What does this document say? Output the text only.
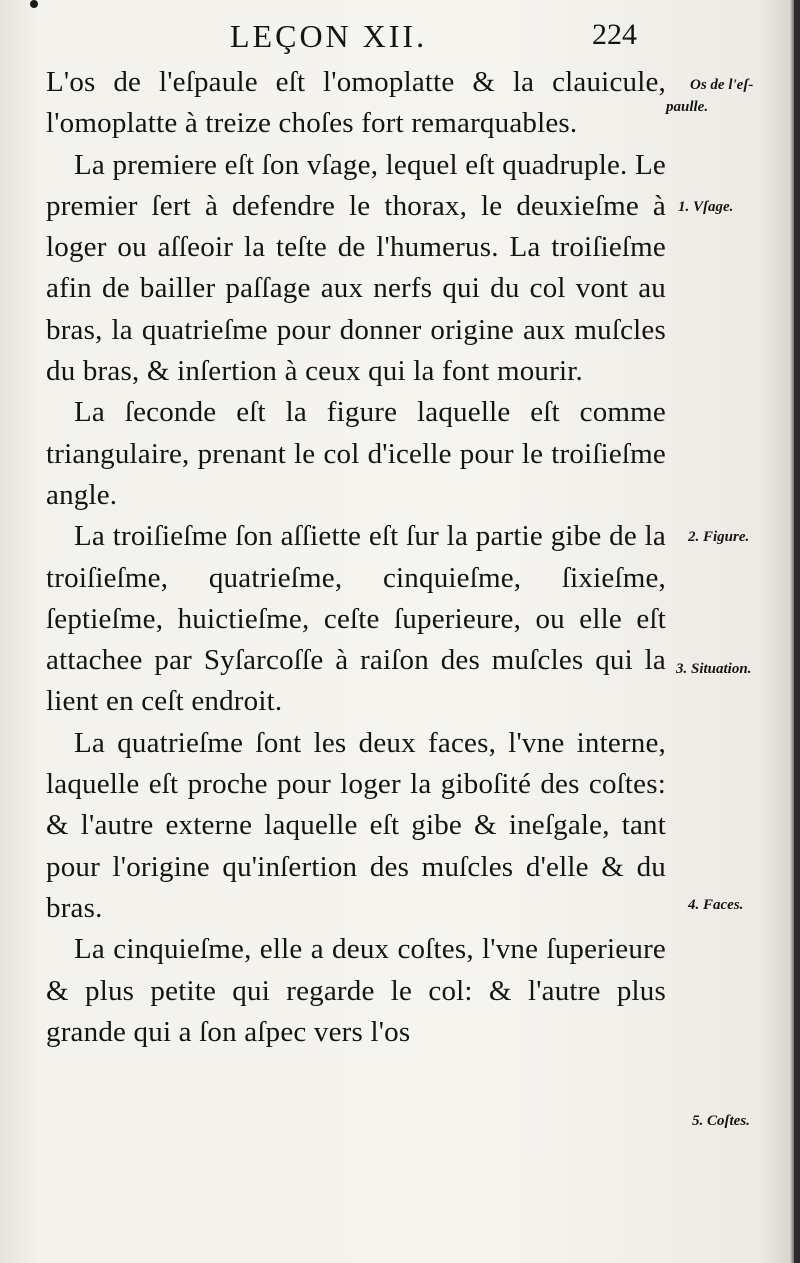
LEÇON XII.	224

L'os de l'eſpaule eſt l'omoplatte & la clauicule, l'omoplatte à treize choſes fort remarquables.

La premiere eſt ſon vſage, lequel eſt quadruple. Le premier ſert à defendre le thorax, le deuxieſme à loger ou aſſeoir la teſte de l'humerus. La troiſieſme afin de bailler paſſage aux nerfs qui du col vont au bras, la quatrieſme pour donner origine aux muſcles du bras, & inſertion à ceux qui la font mourir.

La ſeconde eſt la figure laquelle eſt comme triangulaire, prenant le col d'icelle pour le troiſieſme angle.

La troiſieſme ſon aſſiette eſt ſur la partie gibe de la troiſieſme, quatrieſme, cinquieſme, ſixieſme, ſeptieſme, huictieſme, ceſte ſuperieure, ou elle eſt attachee par Syſarcoſſe à raiſon des muſcles qui la lient en ceſt endroit.

La quatrieſme ſont les deux faces, l'vne interne, laquelle eſt proche pour loger la giboſité des coſtes: & l'autre externe laquelle eſt gibe & ineſgale, tant pour l'origine qu'inſertion des muſcles d'elle & du bras.

La cinquieſme, elle a deux coſtes, l'vne ſuperieure & plus petite qui regarde le col: & l'autre plus grande qui a ſon aſpec vers l'os

Os de l'eſ-
paulle.
1. Vſage.
2. Figure.
3. Situation.
4. Faces.
5. Coſtes.
